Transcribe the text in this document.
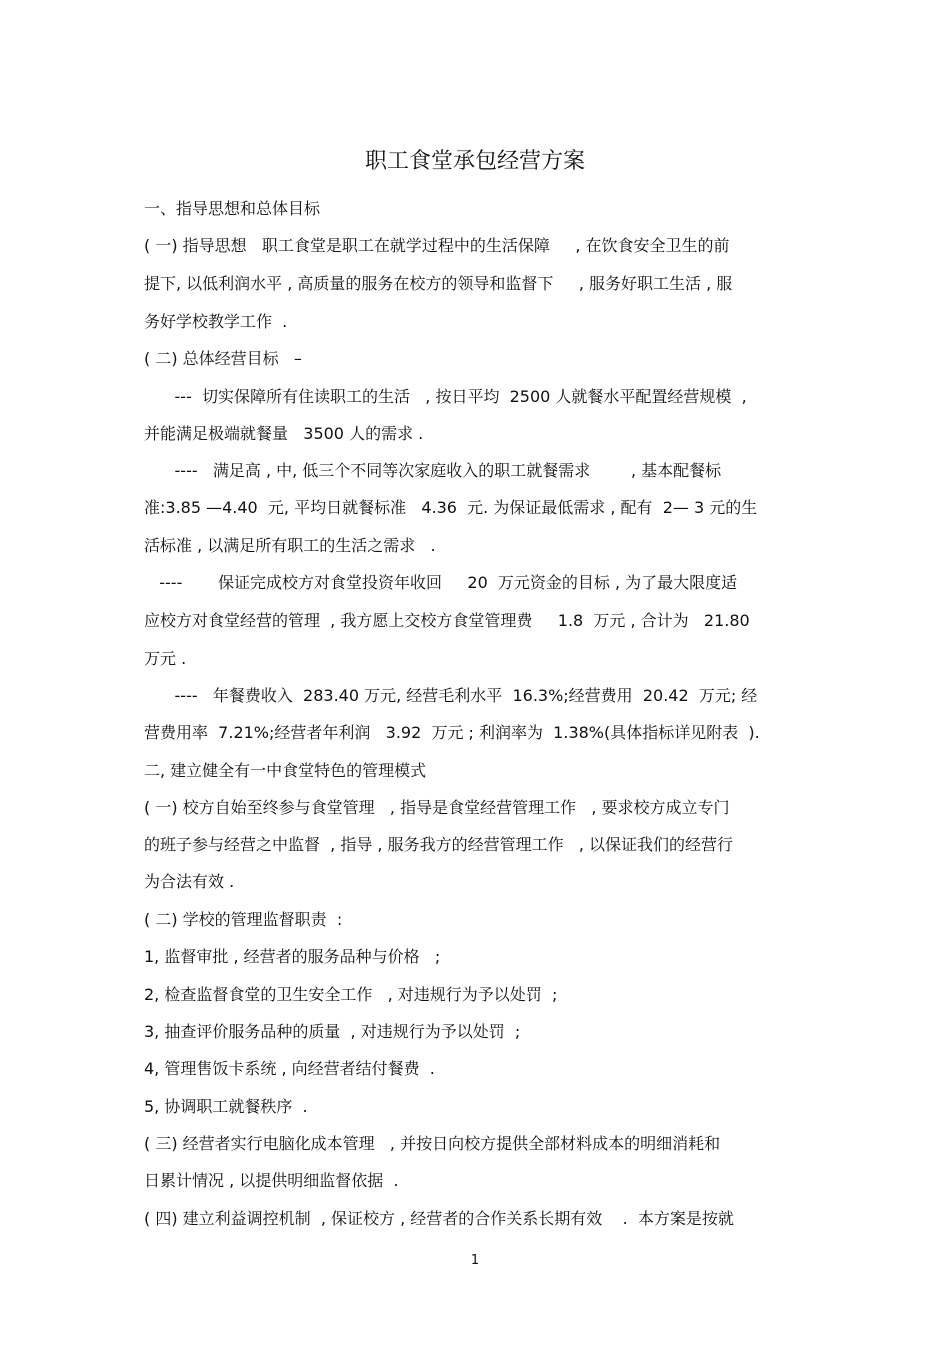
职工食堂承包经营方案
一、指导思想和总体目标
( 一) 指导思想   职工食堂是职工在就学过程中的生活保障     , 在饮食安全卫生的前
提下, 以低利润水平 , 高质量的服务在校方的领导和监督下     , 服务好职工生活 , 服
务好学校教学工作  .
( 二) 总体经营目标   –
---  切实保障所有住读职工的生活   , 按日平均  2500 人就餐水平配置经营规模  ,
并能满足极端就餐量   3500 人的需求 .
----   满足高 , 中, 低三个不同等次家庭收入的职工就餐需求        , 基本配餐标
准:3.85 —4.40  元, 平均日就餐标准   4.36  元. 为保证最低需求 , 配有  2— 3 元的生
活标准 , 以满足所有职工的生活之需求   .
----       保证完成校方对食堂投资年收回     20  万元资金的目标 , 为了最大限度适
应校方对食堂经营的管理  , 我方愿上交校方食堂管理费     1.8  万元 , 合计为   21.80
万元 .
----   年餐费收入  283.40 万元, 经营毛利水平  16.3%;经营费用  20.42  万元; 经
营费用率  7.21%;经营者年利润   3.92  万元 ; 利润率为  1.38%(具体指标详见附表  ).
二, 建立健全有一中食堂特色的管理模式
( 一) 校方自始至终参与食堂管理   , 指导是食堂经营管理工作   , 要求校方成立专门
的班子参与经营之中监督  , 指导 , 服务我方的经营管理工作   , 以保证我们的经营行
为合法有效 .
( 二) 学校的管理监督职责  :
1, 监督审批 , 经营者的服务品种与价格   ;
2, 检查监督食堂的卫生安全工作   , 对违规行为予以处罚  ;
3, 抽查评价服务品种的质量  , 对违规行为予以处罚  ;
4, 管理售饭卡系统 , 向经营者结付餐费  .
5, 协调职工就餐秩序  .
( 三) 经营者实行电脑化成本管理   , 并按日向校方提供全部材料成本的明细消耗和
日累计情况 , 以提供明细监督依据  .
( 四) 建立利益调控机制  , 保证校方 , 经营者的合作关系长期有效    .  本方案是按就
1
